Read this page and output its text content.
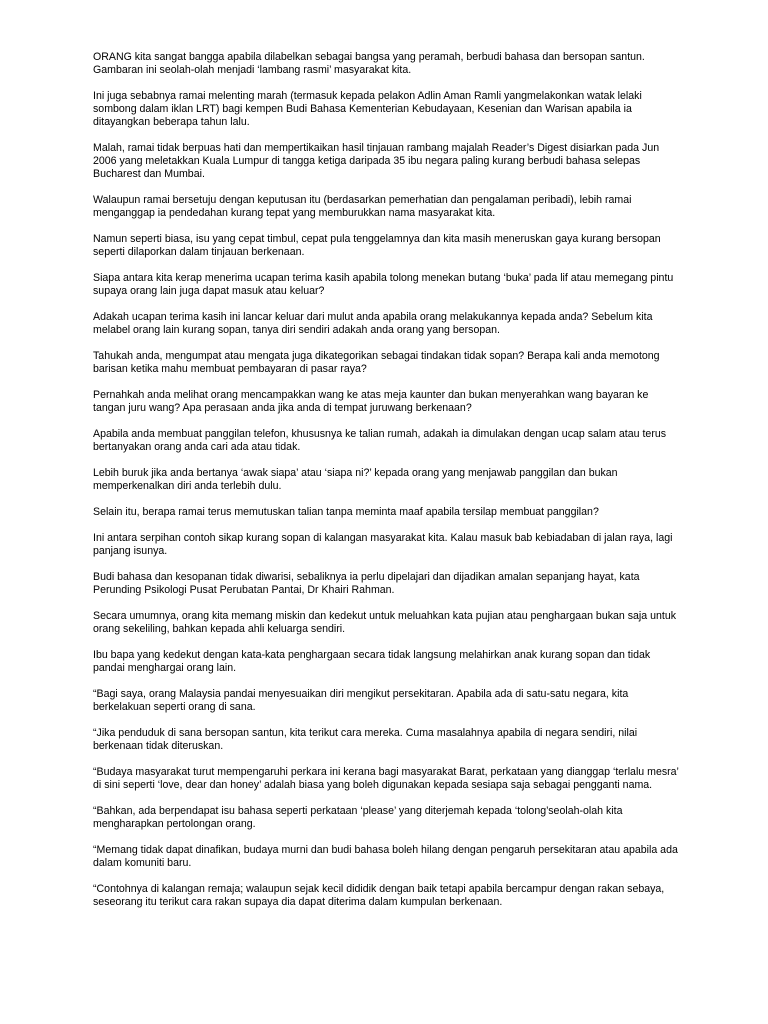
ORANG kita sangat bangga apabila dilabelkan sebagai bangsa yang peramah, berbudi bahasa dan bersopan santun. Gambaran ini seolah-olah menjadi ‘lambang rasmi’ masyarakat kita.

Ini juga sebabnya ramai melenting marah (termasuk kepada pelakon Adlin Aman Ramli yangmelakonkan watak lelaki sombong dalam iklan LRT) bagi kempen Budi Bahasa Kementerian Kebudayaan, Kesenian dan Warisan apabila ia ditayangkan beberapa tahun lalu.

Malah, ramai tidak berpuas hati dan mempertikaikan hasil tinjauan rambang majalah Reader’s Digest disiarkan pada Jun 2006 yang meletakkan Kuala Lumpur di tangga ketiga daripada 35 ibu negara paling kurang berbudi bahasa selepas Bucharest dan Mumbai.

Walaupun ramai bersetuju dengan keputusan itu (berdasarkan pemerhatian dan pengalaman peribadi), lebih ramai menganggap ia pendedahan kurang tepat yang memburukkan nama masyarakat kita.

Namun seperti biasa, isu yang cepat timbul, cepat pula tenggelamnya dan kita masih meneruskan gaya kurang bersopan seperti dilaporkan dalam tinjauan berkenaan.

Siapa antara kita kerap menerima ucapan terima kasih apabila tolong menekan butang ‘buka’ pada lif atau memegang pintu supaya orang lain juga dapat masuk atau keluar?

Adakah ucapan terima kasih ini lancar keluar dari mulut anda apabila orang melakukannya kepada anda? Sebelum kita melabel orang lain kurang sopan, tanya diri sendiri adakah anda orang yang bersopan.

Tahukah anda, mengumpat atau mengata juga dikategorikan sebagai tindakan tidak sopan? Berapa kali anda memotong barisan ketika mahu membuat pembayaran di pasar raya?

Pernahkah anda melihat orang mencampakkan wang ke atas meja kaunter dan bukan menyerahkan wang bayaran ke tangan juru wang? Apa perasaan anda jika anda di tempat juruwang berkenaan?

Apabila anda membuat panggilan telefon, khususnya ke talian rumah, adakah ia dimulakan dengan ucap salam atau terus bertanyakan orang anda cari ada atau tidak.

Lebih buruk jika anda bertanya ‘awak siapa’ atau ‘siapa ni?’ kepada orang yang menjawab panggilan dan bukan memperkenalkan diri anda terlebih dulu.

Selain itu, berapa ramai terus memutuskan talian tanpa meminta maaf apabila tersilap membuat panggilan?

Ini antara serpihan contoh sikap kurang sopan di kalangan masyarakat kita. Kalau masuk bab kebiadaban di jalan raya, lagi panjang isunya.

Budi bahasa dan kesopanan tidak diwarisi, sebaliknya ia perlu dipelajari dan dijadikan amalan sepanjang hayat, kata Perunding Psikologi Pusat Perubatan Pantai, Dr Khairi Rahman.

Secara umumnya, orang kita memang miskin dan kedekut untuk meluahkan kata pujian atau penghargaan bukan saja untuk orang sekeliling, bahkan kepada ahli keluarga sendiri.

Ibu bapa yang kedekut dengan kata-kata penghargaan secara tidak langsung melahirkan anak kurang sopan dan tidak pandai menghargai orang lain.

“Bagi saya, orang Malaysia pandai menyesuaikan diri mengikut persekitaran. Apabila ada di satu-satu negara, kita berkelakuan seperti orang di sana.

“Jika penduduk di sana bersopan santun, kita terikut cara mereka. Cuma masalahnya apabila di negara sendiri, nilai berkenaan tidak diteruskan.

“Budaya masyarakat turut mempengaruhi perkara ini kerana bagi masyarakat Barat, perkataan yang dianggap ‘terlalu mesra’ di sini seperti ‘love, dear dan honey’ adalah biasa yang boleh digunakan kepada sesiapa saja sebagai pengganti nama.

“Bahkan, ada berpendapat isu bahasa seperti perkataan ‘please’ yang diterjemah kepada ‘tolong’seolah-olah kita mengharapkan pertolongan orang.

“Memang tidak dapat dinafikan, budaya murni dan budi bahasa boleh hilang dengan pengaruh persekitaran atau apabila ada dalam komuniti baru.

“Contohnya di kalangan remaja; walaupun sejak kecil dididik dengan baik tetapi apabila bercampur dengan rakan sebaya, seseorang itu terikut cara rakan supaya dia dapat diterima dalam kumpulan berkenaan.
